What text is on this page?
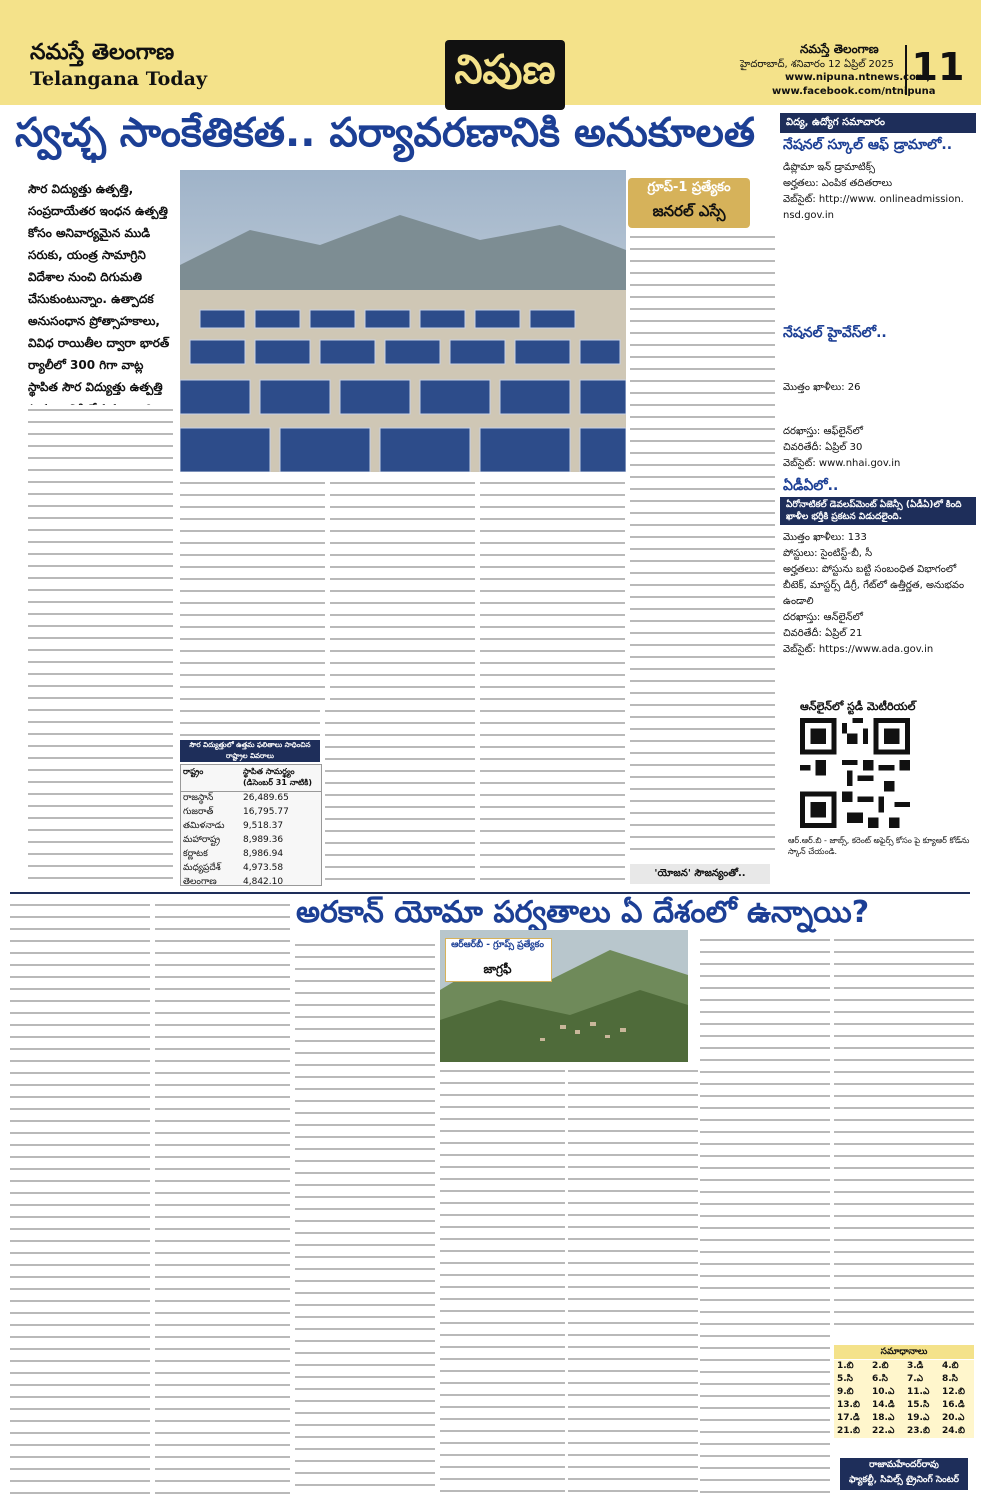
నమస్తే తెలంగాణ
Telangana Today	నిపుణ	నమస్తే తెలంగాణ
హైదరాబాద్, శనివారం 12 ఏప్రిల్ 2025
www.nipuna.ntnews.com,
www.facebook.com/ntnipuna
11
స్వచ్ఛ సాంకేతికత.. పర్యావరణానికి అనుకూలత
సౌర విద్యుత్తు ఉత్పత్తి, సంప్రదాయేతర ఇంధన ఉత్పత్తి కోసం అనివార్యమైన ముడి సరుకు, యంత్ర సామాగ్రిని విదేశాల నుంచి దిగుమతి చేసుకుంటున్నాం. ఉత్పాదక అనుసంధాన ప్రోత్సాహకాలు, వివిధ రాయితీల ద్వారా భారత్ ర్యాలీలో 300 గిగా వాట్ల స్థాపిత సౌర విద్యుత్తు ఉత్పత్తి
గ్రూప్-1 ప్రత్యేకం
జనరల్ ఎస్సే
సౌర విద్యుత్తులో ఉత్తమ ఫలితాలు సాధించిన రాష్ట్రాల వివరాలు
రాష్ట్రం	స్థాపిత సామర్థ్యం (డిసెంబర్ 31 నాటికి)
రాజస్థాన్	26,489.65
గుజరాత్	16,795.77
తమిళనాడు	9,518.37
మహారాష్ట్ర	8,989.36
కర్ణాటక	8,986.94
మధ్యప్రదేశ్	4,973.58
తెలంగాణ	4,842.10
'యోజన' సౌజన్యంతో..
విద్య, ఉద్యోగ సమాచారం
నేషనల్ స్కూల్ ఆఫ్ డ్రామాలో..
డిప్లొమా ఇన్ డ్రామాటిక్స్
అర్హతలు: ఎంపిక తదితరాలు
వెబ్‌సైట్: http://www. onlineadmission. nsd.gov.in
నేషనల్ హైవేస్‌లో..
మొత్తం ఖాళీలు: 26
దరఖాస్తు: ఆఫ్‌లైన్‌లో
చివరితేదీ: ఏప్రిల్ 30
వెబ్‌సైట్: www.nhai.gov.in
ఏడీఏలో..
ఏరోనాటికల్ డెవలప్‌మెంట్ ఏజెన్సీ (ఏడీఏ)లో కింది ఖాళీల భర్తీకి ప్రకటన విడుదలైంది.
మొత్తం ఖాళీలు: 133
పోస్టులు: సైంటిస్ట్-బీ, సీ
అర్హతలు: పోస్టును బట్టి సంబంధిత విభాగంలో బీటెక్, మాస్టర్స్ డిగ్రీ, గేట్‌లో ఉత్తీర్ణత, అనుభవం ఉండాలి
దరఖాస్తు: ఆన్‌లైన్‌లో
చివరితేదీ: ఏప్రిల్ 21
వెబ్‌సైట్: https://www.ada.gov.in
ఆన్‌లైన్‌లో స్టడీ మెటీరియల్
ఆర్.ఆర్.బి - జాబ్స్, కరెంట్ అఫైర్స్ కోసం పై క్యూఆర్ కోడ్‌ను స్కాన్ చేయండి.
అరకాన్ యోమా పర్వతాలు ఏ దేశంలో ఉన్నాయి?
ఆర్‌ఆర్‌బీ - గ్రూప్స్ ప్రత్యేకం
జాగ్రఫీ
సమాధానాలు
1.బి	2.బి	3.డి	4.బి
5.సి	6.సి	7.ఎ	8.సి
9.బి	10.ఎ	11.ఎ	12.బి
13.బి	14.డి	15.సి	16.డి
17.డి	18.ఎ	19.ఎ	20.ఎ
21.బి	22.ఎ	23.బి	24.బి
రాజామహేందర్‌రావు
ఫ్యాకల్టీ, సివిల్స్ ట్రైనింగ్ సెంటర్
